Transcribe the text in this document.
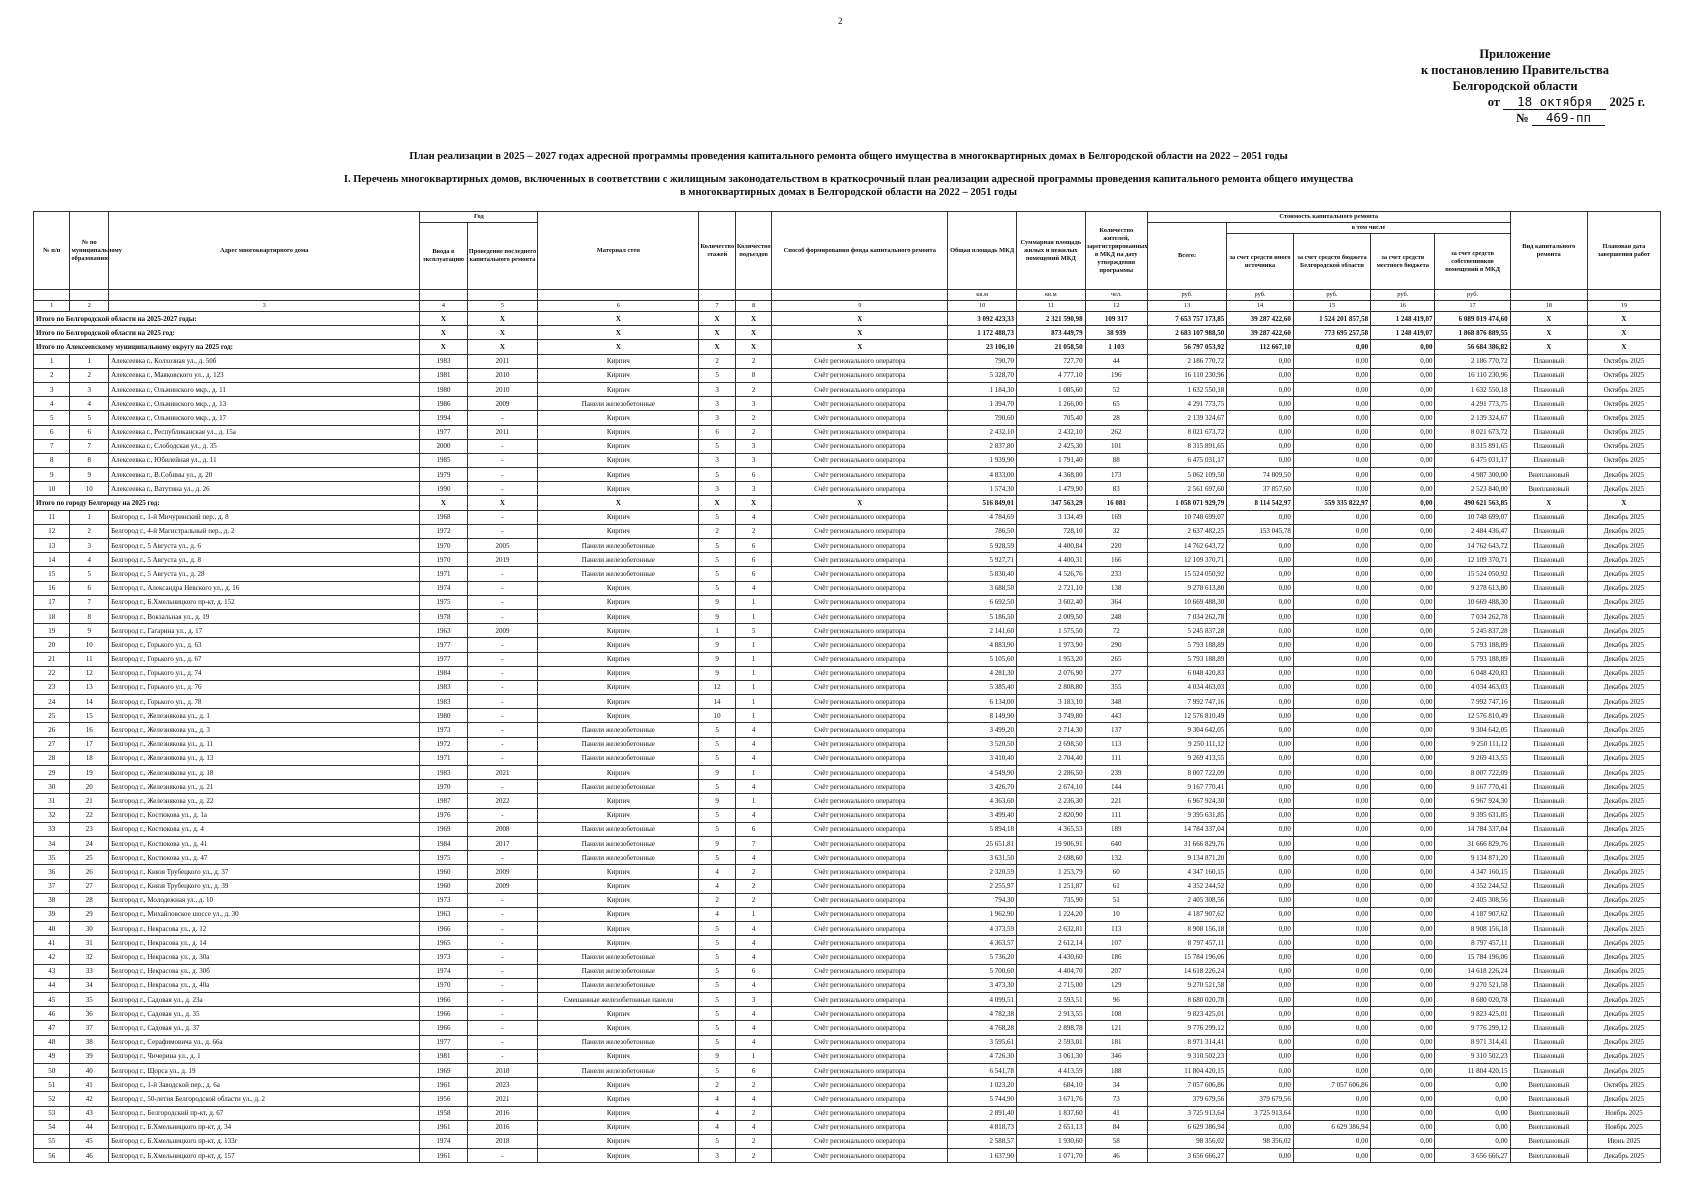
2
Приложение
к постановлению Правительства
Белгородской области
от 18 октября 2025 г.
№ 469-пп
План реализации в 2025 – 2027 годах адресной программы проведения капитального ремонта общего имущества в многоквартирных домах в Белгородской области на 2022 – 2051 годы
I. Перечень многоквартирных домов, включенных в соответствии с жилищным законодательством в краткосрочный план реализации адресной программы проведения капитального ремонта общего имущества
в многоквартирных домах в Белгородской области на 2022 – 2051 годы
№ п/п	№ по муниципальному образованию	Адрес многоквартирного дома	Год		Материал стен	Количество этажей	Количество подъездов	Способ формирования фонда капитального ремонта	Общая площадь МКД	Суммарная площадь жилых и нежилых помещений МКД	Количество жителей, зарегистрированных в МКД на дату утверждения программы	Стоимость капитального ремонта					Вид капитального ремонта	Плановая дата завершения работ
			Ввода в эксплуатацию	Проведение последнего капитального ремонта								Всего:	в том числе					
													за счет средств иного источника	за счет средств бюджета Белгородской области	за счет средств местного бюджета	за счет средств собственников помещений в МКД		
									кв.м	кв.м	чел.	руб.	руб.	руб.	руб.	руб.		
1	2	3	4	5	6	7	8	9	10	11	12	13	14	15	16	17	18	19
Итого по Белгородской области на 2025-2027 годы:			X	X	X	X	X	X	3 092 423,33	2 321 590,98	109 317	7 653 757 173,85	39 287 422,60	1 524 201 857,58	1 248 419,07	6 089 019 474,60	X	X
Итого по Белгородской области на 2025 год:			X	X	X	X	X	X	1 172 488,73	873 449,79	38 939	2 683 107 988,50	39 287 422,60	773 695 257,58	1 248 419,07	1 868 876 889,55	X	X
Итого по Алексеевскому муниципальному округу на 2025 год:			X	X	X	X	X	X	23 106,10	21 058,50	1 103	56 797 053,92	112 667,10	0,00	0,00	56 684 386,82	X	X
1	1	Алексеевка г., Колхозная ул., д. 50б	1983	2011	Кирпич	2	2	Счёт регионального оператора	790,70	727,70	44	2 186 770,72	0,00	0,00	0,00	2 186 770,72	Плановый	Октябрь 2025
2	2	Алексеевка г., Маяковского ул., д. 123	1981	2010	Кирпич	5	8	Счёт регионального оператора	5 328,70	4 777,10	196	16 110 230,96	0,00	0,00	0,00	16 110 230,96	Плановый	Октябрь 2025
3	3	Алексеевка г., Ольминского мкр., д. 11	1980	2010	Кирпич	3	2	Счёт регионального оператора	1 184,30	1 085,60	52	1 632 550,18	0,00	0,00	0,00	1 632 550,18	Плановый	Октябрь 2025
4	4	Алексеевка г., Ольминского мкр., д. 13	1986	2009	Панели железобетонные	3	3	Счёт регионального оператора	1 394,70	1 266,00	65	4 291 773,75	0,00	0,00	0,00	4 291 773,75	Плановый	Октябрь 2025
5	5	Алексеевка г., Ольминского мкр., д. 17	1994	-	Кирпич	3	2	Счёт регионального оператора	790,60	705,40	28	2 139 324,67	0,00	0,00	0,00	2 139 324,67	Плановый	Октябрь 2025
6	6	Алексеевка г., Республиканская ул., д. 15а	1977	2011	Кирпич	6	2	Счёт регионального оператора	2 432,10	2 432,10	262	8 021 673,72	0,00	0,00	0,00	8 021 673,72	Плановый	Октябрь 2025
7	7	Алексеевка г., Слободская ул., д. 35	2000	-	Кирпич	5	3	Счёт регионального оператора	2 837,80	2 425,30	101	8 315 891,65	0,00	0,00	0,00	8 315 891,65	Плановый	Октябрь 2025
8	8	Алексеевка г., Юбилейная ул., д. 11	1985	-	Кирпич	3	3	Счёт регионального оператора	1 939,90	1 791,40	88	6 475 031,17	0,00	0,00	0,00	6 475 031,17	Плановый	Октябрь 2025
9	9	Алексеевка г., В.Собины ул., д. 20	1979	-	Кирпич	5	6	Счёт регионального оператора	4 833,00	4 368,00	173	5 062 109,50	74 809,50	0,00	0,00	4 987 300,00	Внеплановый	Декабрь 2025
10	10	Алексеевка г., Ватутина ул., д. 26	1990	-	Кирпич	3	3	Счёт регионального оператора	1 574,30	1 479,90	83	2 561 697,60	37 857,60	0,00	0,00	2 523 840,00	Внеплановый	Декабрь 2025
Итого по городу Белгороду на 2025 год:			X	X	X	X	X	X	516 849,01	347 563,29	16 081	1 058 071 929,79	8 114 542,97	559 335 822,97	0,00	490 621 563,85	X	X
11	1	Белгород г., 1-й Мичуринский пер., д. 8	1968	-	Кирпич	5	4	Счёт регионального оператора	4 784,69	3 134,49	169	10 748 699,07	0,00	0,00	0,00	10 748 699,07	Плановый	Декабрь 2025
12	2	Белгород г., 4-й Магистральный пер., д. 2	1972	-	Кирпич	2	2	Счёт регионального оператора	786,50	728,10	32	2 637 482,25	153 045,78	0,00	0,00	2 484 436,47	Плановый	Декабрь 2025
13	3	Белгород г., 5 Августа ул., д. 6	1970	2005	Панели железобетонные	5	6	Счёт регионального оператора	5 928,59	4 400,84	220	14 762 643,72	0,00	0,00	0,00	14 762 643,72	Плановый	Декабрь 2025
14	4	Белгород г., 5 Августа ул., д. 8	1970	2019	Панели железобетонные	5	6	Счёт регионального оператора	5 927,71	4 400,31	166	12 109 370,71	0,00	0,00	0,00	12 109 370,71	Плановый	Декабрь 2025
15	5	Белгород г., 5 Августа ул., д. 28	1971	-	Панели железобетонные	5	6	Счёт регионального оператора	5 830,40	4 526,76	233	15 524 050,92	0,00	0,00	0,00	15 524 050,92	Плановый	Декабрь 2025
16	6	Белгород г., Александра Невского ул., д. 16	1974	-	Кирпич	5	4	Счёт регионального оператора	3 688,50	2 721,10	138	9 278 613,80	0,00	0,00	0,00	9 278 613,80	Плановый	Декабрь 2025
17	7	Белгород г., Б.Хмельницкого пр-кт, д. 152	1975	-	Кирпич	9	1	Счёт регионального оператора	6 692,50	3 602,40	364	10 669 488,30	0,00	0,00	0,00	10 669 488,30	Плановый	Декабрь 2025
18	8	Белгород г., Вокзальная ул., д. 19	1978	-	Кирпич	9	1	Счёт регионального оператора	5 186,50	2 009,50	248	7 034 262,78	0,00	0,00	0,00	7 034 262,78	Плановый	Декабрь 2025
19	9	Белгород г., Гагарина ул., д. 17	1963	2009	Кирпич	1	5	Счёт регионального оператора	2 141,60	1 575,50	72	5 245 837,28	0,00	0,00	0,00	5 245 837,28	Плановый	Декабрь 2025
20	10	Белгород г., Горького ул., д. 63	1977	-	Кирпич	9	1	Счёт регионального оператора	4 883,90	1 973,90	290	5 793 188,89	0,00	0,00	0,00	5 793 188,89	Плановый	Декабрь 2025
21	11	Белгород г., Горького ул., д. 67	1977	-	Кирпич	9	1	Счёт регионального оператора	5 105,60	1 953,20	265	5 793 188,89	0,00	0,00	0,00	5 793 188,89	Плановый	Декабрь 2025
22	12	Белгород г., Горького ул., д. 74	1984	-	Кирпич	9	1	Счёт регионального оператора	4 281,30	2 076,90	277	6 048 420,83	0,00	0,00	0,00	6 048 420,83	Плановый	Декабрь 2025
23	13	Белгород г., Горького ул., д. 76	1983	-	Кирпич	12	1	Счёт регионального оператора	5 385,40	2 808,80	355	4 034 463,03	0,00	0,00	0,00	4 034 463,03	Плановый	Декабрь 2025
24	14	Белгород г., Горького ул., д. 78	1983	-	Кирпич	14	1	Счёт регионального оператора	6 134,00	3 183,10	348	7 992 747,16	0,00	0,00	0,00	7 992 747,16	Плановый	Декабрь 2025
25	15	Белгород г., Железнякова ул., д. 1	1980	-	Кирпич	10	1	Счёт регионального оператора	8 149,90	3 749,80	443	12 576 810,49	0,00	0,00	0,00	12 576 810,49	Плановый	Декабрь 2025
26	16	Белгород г., Железнякова ул., д. 3	1973	-	Панели железобетонные	5	4	Счёт регионального оператора	3 499,20	2 714,30	137	9 304 642,05	0,00	0,00	0,00	9 304 642,05	Плановый	Декабрь 2025
27	17	Белгород г., Железнякова ул., д. 11	1972	-	Панели железобетонные	5	4	Счёт регионального оператора	3 520,50	2 698,50	113	9 250 111,12	0,00	0,00	0,00	9 250 111,12	Плановый	Декабрь 2025
28	18	Белгород г., Железнякова ул., д. 13	1971	-	Панели железобетонные	5	4	Счёт регионального оператора	3 410,40	2 704,40	111	9 269 413,55	0,00	0,00	0,00	9 269 413,55	Плановый	Декабрь 2025
29	19	Белгород г., Железнякова ул., д. 18	1983	2021	Кирпич	9	1	Счёт регионального оператора	4 549,90	2 286,50	239	8 007 722,09	0,00	0,00	0,00	8 007 722,09	Плановый	Декабрь 2025
30	20	Белгород г., Железнякова ул., д. 21	1970	-	Панели железобетонные	5	4	Счёт регионального оператора	3 426,70	2 674,10	144	9 167 770,41	0,00	0,00	0,00	9 167 770,41	Плановый	Декабрь 2025
31	21	Белгород г., Железнякова ул., д. 22	1987	2022	Кирпич	9	1	Счёт регионального оператора	4 363,60	2 236,30	221	6 967 924,30	0,00	0,00	0,00	6 967 924,30	Плановый	Декабрь 2025
32	22	Белгород г., Костюкова ул., д. 1а	1976	-	Кирпич	5	4	Счёт регионального оператора	3 499,40	2 820,90	111	9 395 631,85	0,00	0,00	0,00	9 395 631,85	Плановый	Декабрь 2025
33	23	Белгород г., Костюкова ул., д. 4	1969	2008	Панели железобетонные	5	6	Счёт регионального оператора	5 894,18	4 365,53	189	14 784 337,04	0,00	0,00	0,00	14 784 337,04	Плановый	Декабрь 2025
34	24	Белгород г., Костюкова ул., д. 41	1984	2017	Панели железобетонные	9	7	Счёт регионального оператора	25 651,81	19 906,91	640	31 666 829,76	0,00	0,00	0,00	31 666 829,76	Плановый	Декабрь 2025
35	25	Белгород г., Костюкова ул., д. 47	1975	-	Панели железобетонные	5	4	Счёт регионального оператора	3 631,50	2 698,60	132	9 134 871,20	0,00	0,00	0,00	9 134 871,20	Плановый	Декабрь 2025
36	26	Белгород г., Князя Трубецкого ул., д. 37	1960	2009	Кирпич	4	2	Счёт регионального оператора	2 320,59	1 253,79	60	4 347 160,15	0,00	0,00	0,00	4 347 160,15	Плановый	Декабрь 2025
37	27	Белгород г., Князя Трубецкого ул., д. 39	1960	2009	Кирпич	4	2	Счёт регионального оператора	2 255,97	1 251,87	61	4 352 244,52	0,00	0,00	0,00	4 352 244,52	Плановый	Декабрь 2025
38	28	Белгород г., Молодежная ул., д. 10	1973	-	Кирпич	2	2	Счёт регионального оператора	794,30	735,90	51	2 405 308,56	0,00	0,00	0,00	2 405 308,56	Плановый	Декабрь 2025
39	29	Белгород г., Михайловское шоссе ул., д. 30	1963	-	Кирпич	4	1	Счёт регионального оператора	1 962,90	1 224,20	10	4 187 907,62	0,00	0,00	0,00	4 187 907,62	Плановый	Декабрь 2025
40	30	Белгород г., Некрасова ул., д. 12	1966	-	Кирпич	5	4	Счёт регионального оператора	4 373,59	2 632,81	113	8 908 156,18	0,00	0,00	0,00	8 908 156,18	Плановый	Декабрь 2025
41	31	Белгород г., Некрасова ул., д. 14	1965	-	Кирпич	5	4	Счёт регионального оператора	4 363,57	2 612,14	107	8 797 457,11	0,00	0,00	0,00	8 797 457,11	Плановый	Декабрь 2025
42	32	Белгород г., Некрасова ул., д. 30а	1973	-	Панели железобетонные	5	4	Счёт регионального оператора	5 736,20	4 430,60	186	15 784 196,06	0,00	0,00	0,00	15 784 196,06	Плановый	Декабрь 2025
43	33	Белгород г., Некрасова ул., д. 30б	1974	-	Панели железобетонные	5	6	Счёт регионального оператора	5 700,60	4 404,70	207	14 618 226,24	0,00	0,00	0,00	14 618 226,24	Плановый	Декабрь 2025
44	34	Белгород г., Некрасова ул., д. 40а	1970	-	Панели железобетонные	5	4	Счёт регионального оператора	3 473,30	2 715,00	129	9 270 521,58	0,00	0,00	0,00	9 270 521,58	Плановый	Декабрь 2025
45	35	Белгород г., Садовая ул., д. 23а	1966	-	Смешанные железобетонные панели	5	3	Счёт регионального оператора	4 099,51	2 593,51	96	8 680 020,78	0,00	0,00	0,00	8 680 020,78	Плановый	Декабрь 2025
46	36	Белгород г., Садовая ул., д. 35	1966	-	Кирпич	5	4	Счёт регионального оператора	4 782,38	2 913,55	108	9 823 425,01	0,00	0,00	0,00	9 823 425,01	Плановый	Декабрь 2025
47	37	Белгород г., Садовая ул., д. 37	1966	-	Кирпич	5	4	Счёт регионального оператора	4 768,28	2 898,78	121	9 776 299,12	0,00	0,00	0,00	9 776 299,12	Плановый	Декабрь 2025
48	38	Белгород г., Серафимовича ул., д. 66а	1977	-	Панели железобетонные	5	4	Счёт регионального оператора	3 595,61	2 593,01	181	8 971 314,41	0,00	0,00	0,00	8 971 314,41	Плановый	Декабрь 2025
49	39	Белгород г., Чичерина ул., д. 1	1981	-	Кирпич	9	1	Счёт регионального оператора	4 726,30	3 061,30	346	9 310 502,23	0,00	0,00	0,00	9 310 502,23	Плановый	Декабрь 2025
50	40	Белгород г., Щорса ул., д. 19	1969	2018	Панели железобетонные	5	6	Счёт регионального оператора	6 541,78	4 413,59	188	11 804 420,15	0,00	0,00	0,00	11 804 420,15	Плановый	Декабрь 2025
51	41	Белгород г., 1-й Заводской пер., д. 6а	1961	2023	Кирпич	2	2	Счёт регионального оператора	1 023,20	684,10	34	7 057 606,86	0,00	7 057 606,86	0,00	0,00	Внеплановый	Октябрь 2025
52	42	Белгород г., 50-летия Белгородской области ул., д. 2	1956	2021	Кирпич	4	4	Счёт регионального оператора	5 744,90	3 671,76	73	379 679,56	379 679,56	0,00	0,00	0,00	Внеплановый	Декабрь 2025
53	43	Белгород г., Белгородский пр-кт, д. 67	1958	2016	Кирпич	4	2	Счёт регионального оператора	2 891,40	1 837,60	41	3 725 913,64	3 725 913,64	0,00	0,00	0,00	Внеплановый	Ноябрь 2025
54	44	Белгород г., Б.Хмельницкого пр-кт, д. 34	1961	2016	Кирпич	4	4	Счёт регионального оператора	4 818,73	2 651,13	84	6 629 386,94	0,00	6 629 386,94	0,00	0,00	Внеплановый	Ноябрь 2025
55	45	Белгород г., Б.Хмельницкого пр-кт, д. 133г	1974	2018	Кирпич	5	2	Счёт регионального оператора	2 588,57	1 930,60	58	98 356,02	98 356,02	0,00	0,00	0,00	Внеплановый	Июнь 2025
56	46	Белгород г., Б.Хмельницкого пр-кт, д. 157	1961	-	Кирпич	3	2	Счёт регионального оператора	1 637,90	1 071,70	46	3 656 666,27	0,00	0,00	0,00	3 656 666,27	Внеплановый	Декабрь 2025
